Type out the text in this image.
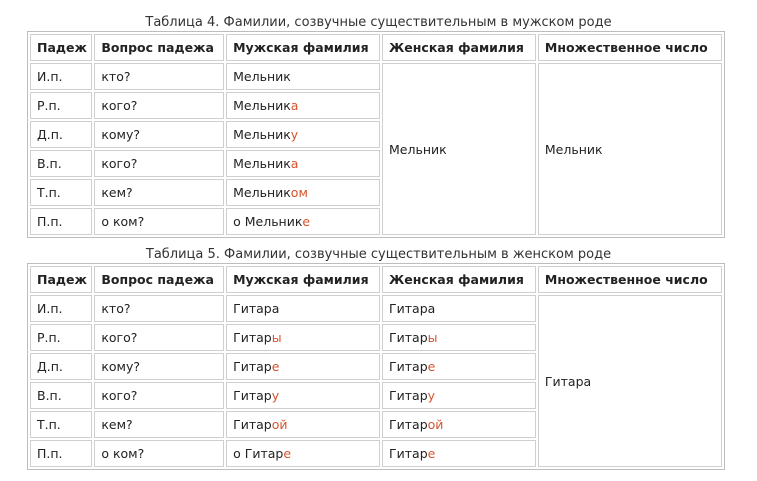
Таблица 4. Фамилии, созвучные существительным в мужском роде
Падеж	Вопрос падежа	Мужская фамилия	Женская фамилия	Множественное число
И.п.	кто?	Мельник	Мельник	Мельник
Р.п.	кого?	Мельника		
Д.п.	кому?	Мельнику		
В.п.	кого?	Мельника		
Т.п.	кем?	Мельником		
П.п.	о ком?	о Мельнике		
Таблица 5. Фамилии, созвучные существительным в женском роде
Падеж	Вопрос падежа	Мужская фамилия	Женская фамилия	Множественное число
И.п.	кто?	Гитара	Гитара	Гитара
Р.п.	кого?	Гитары	Гитары	
Д.п.	кому?	Гитаре	Гитаре	
В.п.	кого?	Гитару	Гитару	
Т.п.	кем?	Гитарой	Гитарой	
П.п.	о ком?	о Гитаре	Гитаре	
